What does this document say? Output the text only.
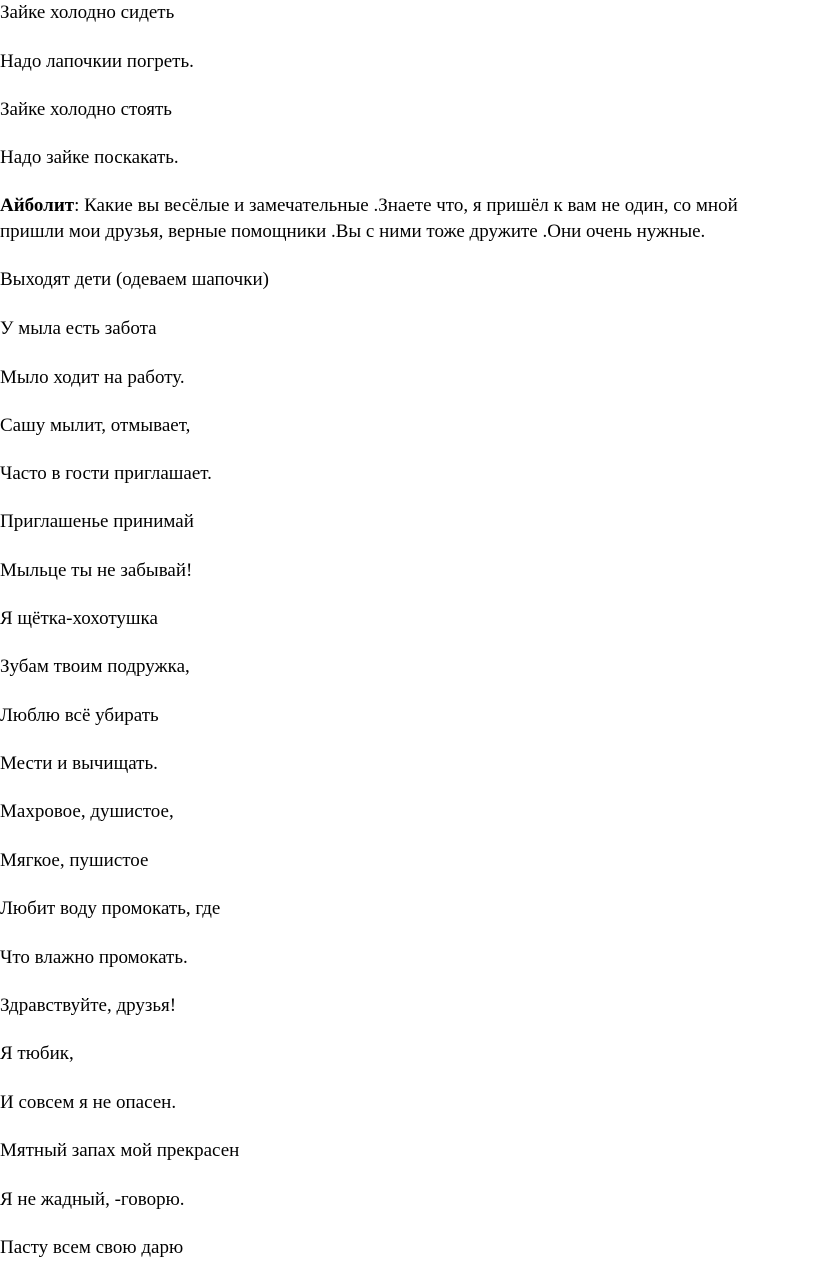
Зайке холодно сидеть
Надо лапочкии погреть.
Зайке холодно стоять
Надо зайке поскакать.
Айболит: Какие вы весёлые и замечательные .Знаете что, я пришёл к вам не один, со мной
пришли мои друзья, верные помощники .Вы с ними тоже дружите .Они очень нужные.
Выходят дети (одеваем шапочки)
У мыла есть забота
Мыло ходит на работу.
Сашу мылит, отмывает,
Часто в гости приглашает.
Приглашенье принимай
Мыльце ты не забывай!
Я щётка-хохотушка
Зубам твоим подружка,
Люблю всё убирать
Мести и вычищать.
Махровое, душистое,
Мягкое, пушистое
Любит воду промокать, где
Что влажно промокать.
Здравствуйте, друзья!
Я тюбик,
И совсем я не опасен.
Мятный запах мой прекрасен
Я не жадный, -говорю.
Пасту всем свою дарю
